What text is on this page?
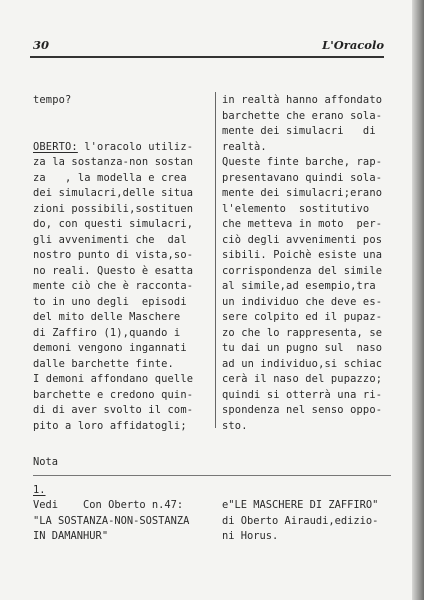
30	L'Oracolo
tempo?
OBERTO: l'oracolo utiliz-
za la sostanza-non sostan
za   , la modella e crea
dei simulacri,delle situa
zioni possibili,sostituen
do, con questi simulacri,
gli avvenimenti che  dal
nostro punto di vista,so-
no reali. Questo è esatta
mente ciò che è racconta-
to in uno degli  episodi
del mito delle Maschere
di Zaffiro (1),quando i
demoni vengono ingannati
dalle barchette finte.
I demoni affondano quelle
barchette e credono quin-
di di aver svolto il com-
pito a loro affidatogli;
in realtà hanno affondato
barchette che erano sola-
mente dei simulacri   di
realtà.
Queste finte barche, rap-
presentavano quindi sola-
mente dei simulacri;erano
l'elemento  sostitutivo
che metteva in moto  per-
ciò degli avvenimenti pos
sibili. Poichè esiste una
corrispondenza del simile
al simile,ad esempio,tra
un individuo che deve es-
sere colpito ed il pupaz-
zo che lo rappresenta, se
tu dai un pugno sul  naso
ad un individuo,si schiac
cerà il naso del pupazzo;
quindi si otterrà una ri-
spondenza nel senso oppo-
sto.
Nota
1.
Vedi    Con Oberto n.47:
"LA SOSTANZA-NON-SOSTANZA
IN DAMANHUR"
e"LE MASCHERE DI ZAFFIRO"
di Oberto Airaudi,edizio-
ni Horus.
